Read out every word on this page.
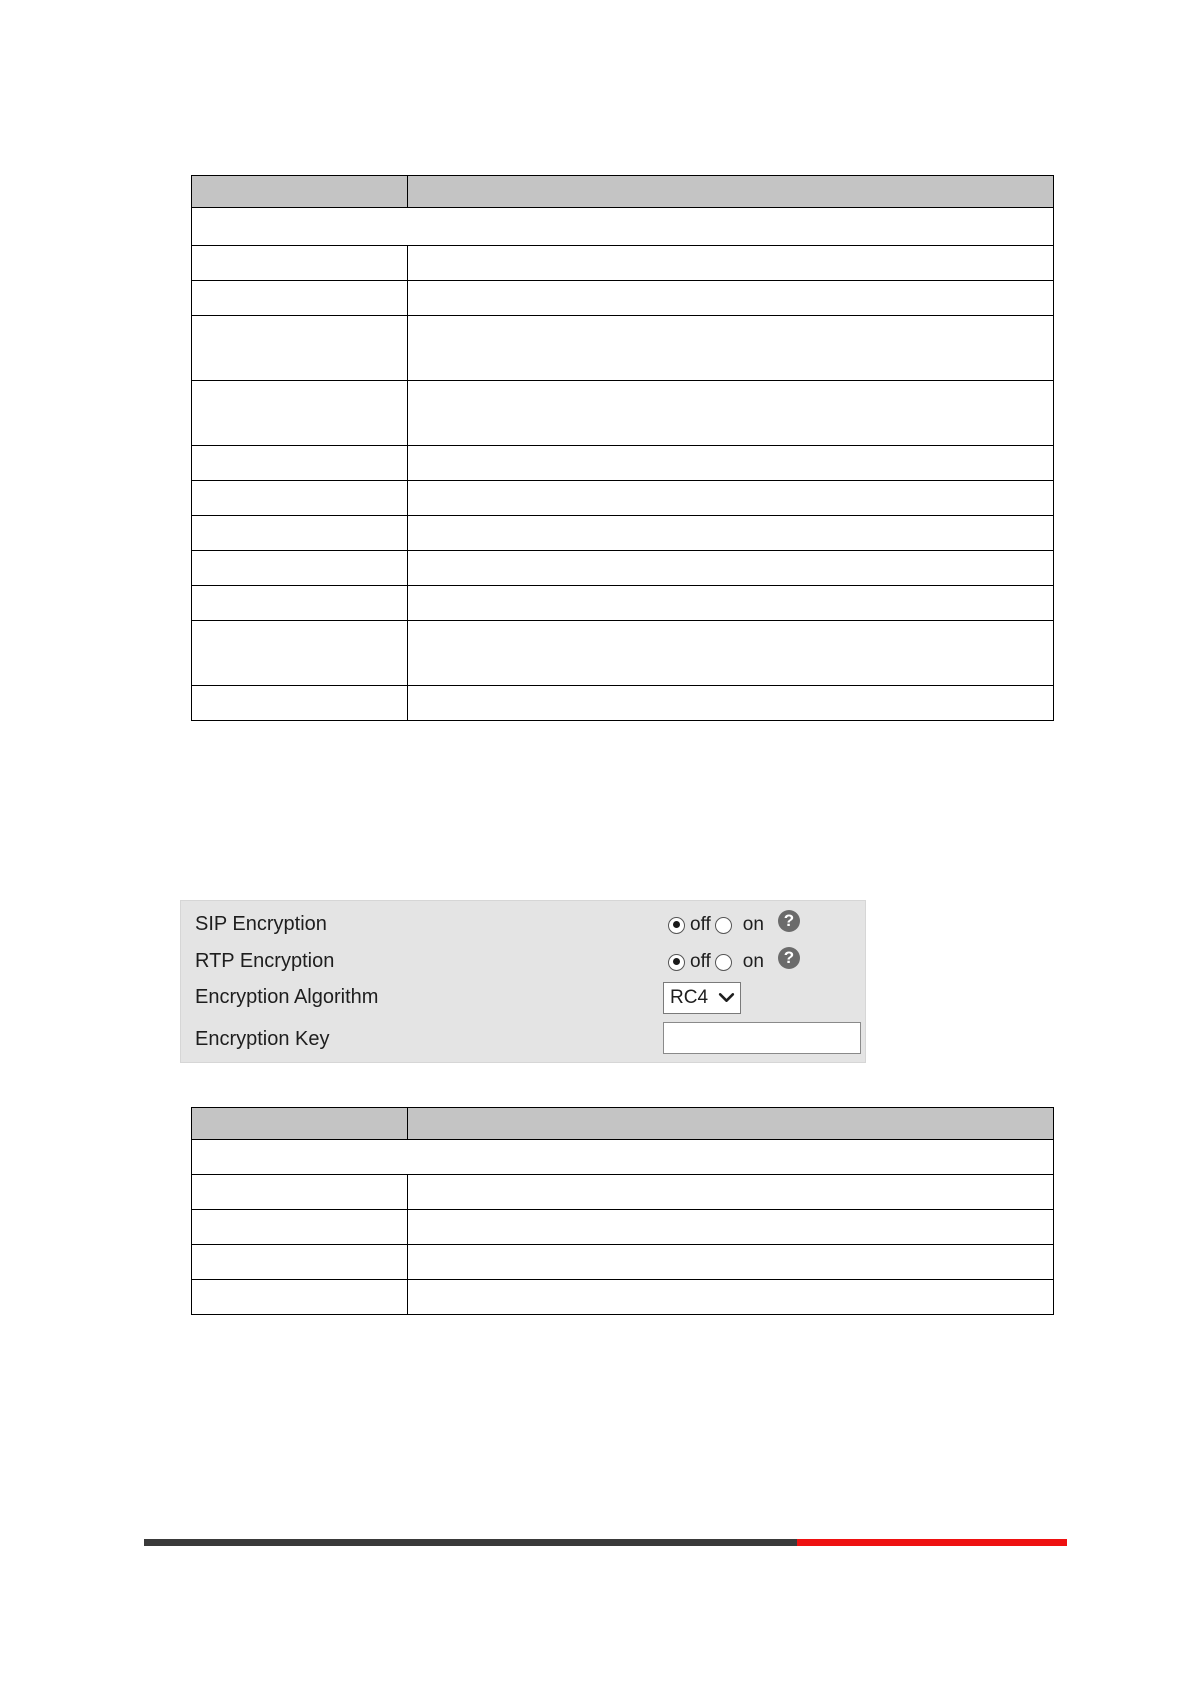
SIP Encryption	off on	?
RTP Encryption	off on	?
Encryption Algorithm	RC4
Encryption Key
